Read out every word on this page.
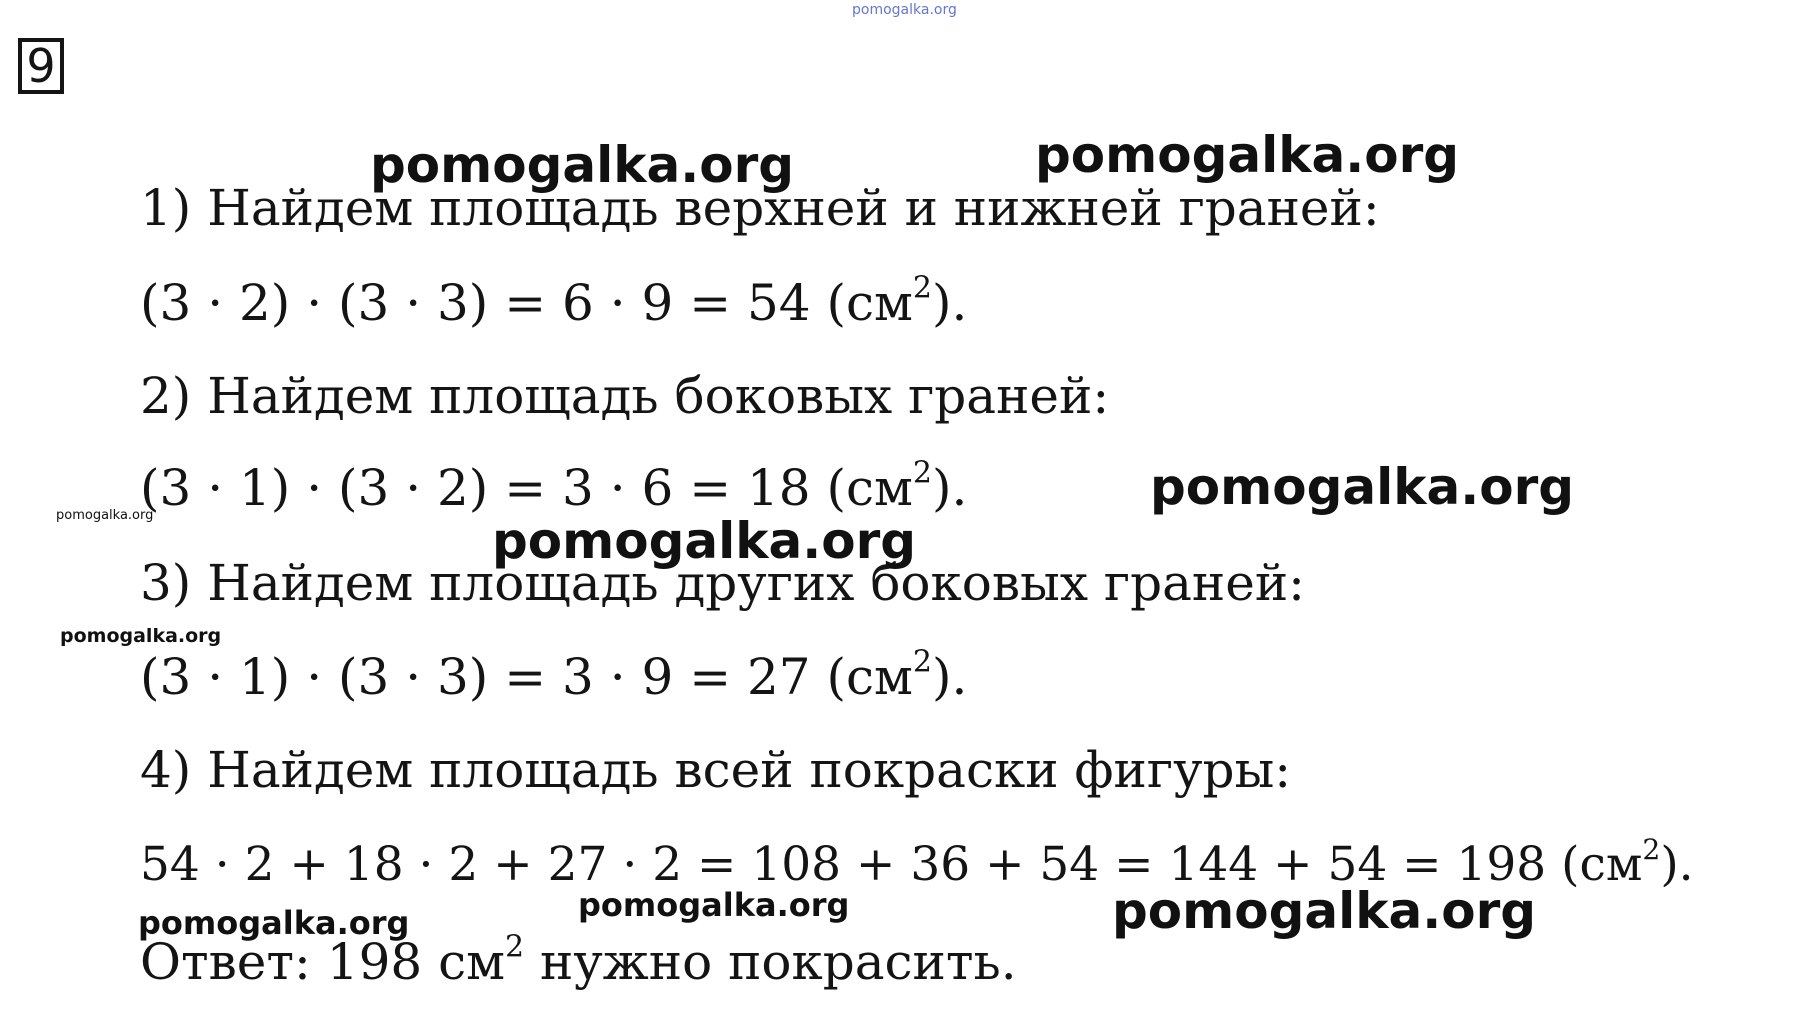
pomogalka.org
9
1) Найдем площадь верхней и нижней граней:
(3 · 2) · (3 · 3) = 6 · 9 = 54 $(см^2)$.
2) Найдем площадь боковых граней:
(3 · 1) · (3 · 2) = 3 · 6 = 18 $(см^2)$.
3) Найдем площадь других боковых граней:
(3 · 1) · (3 · 3) = 3 · 9 = 27 $(см^2)$.
4) Найдем площадь всей покраски фигуры:
54 · 2 + 18 · 2 + 27 · 2 = 108 + 36 + 54 = 144 + 54 = 198 $(см^2)$.
Ответ: 198 $см^2$ нужно покрасить.
pomogalka.org	pomogalka.org
pomogalka.org
pomogalka.org	pomogalka.org
pomogalka.org
pomogalka.org
pomogalka.org	pomogalka.org
